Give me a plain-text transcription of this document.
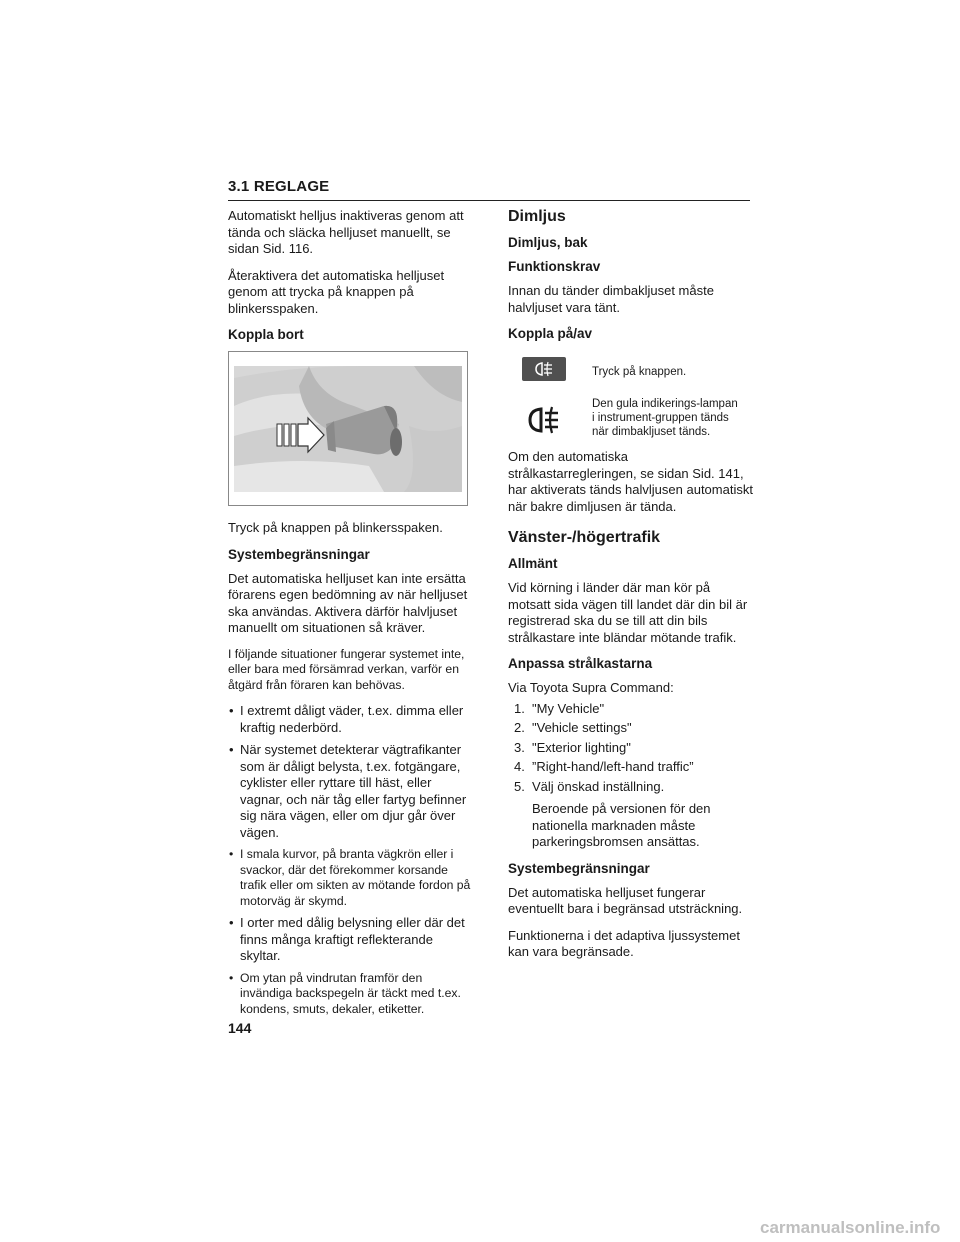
3.1 REGLAGE

Automatiskt helljus inaktiveras genom att tända och släcka helljuset manuellt, se sidan Sid. 116.

Återaktivera det automatiska helljuset genom att trycka på knappen på blinkersspaken.

Koppla bort

Tryck på knappen på blinkersspaken.

Systembegränsningar

Det automatiska helljuset kan inte ersätta förarens egen bedömning av när helljuset ska användas. Aktivera därför halvljuset manuellt om situationen så kräver.

I följande situationer fungerar systemet inte, eller bara med försämrad verkan, varför en åtgärd från föraren kan behövas.

• I extremt dåligt väder, t.ex. dimma eller kraftig nederbörd.
• När systemet detekterar vägtrafikanter som är dåligt belysta, t.ex. fotgängare, cyklister eller ryttare till häst, eller vagnar, och när tåg eller fartyg befinner sig nära vägen, eller om djur går över vägen.
• I smala kurvor, på branta vägkrön eller i svackor, där det förekommer korsande trafik eller om sikten av mötande fordon på motorväg är skymd.
• I orter med dålig belysning eller där det finns många kraftigt reflekterande skyltar.
• Om ytan på vindrutan framför den invändiga backspegeln är täckt med t.ex. kondens, smuts, dekaler, etiketter.
Dimljus
Dimljus, bak
Funktionskrav

Innan du tänder dimbakljuset måste halvljuset vara tänt.

Koppla på/av
Tryck på knappen.
Den gula indikerings-lampan i instrument-gruppen tänds när dimbakljuset tänds.

Om den automatiska strålkastarregleringen, se sidan Sid. 141, har aktiverats tänds halvljusen automatiskt när bakre dimljusen är tända.

Vänster-/högertrafik
Allmänt

Vid körning i länder där man kör på motsatt sida vägen till landet där din bil är registrerad ska du se till att din bils strålkastare inte bländar mötande trafik.

Anpassa strålkastarna

Via Toyota Supra Command:

1. "My Vehicle"
2. "Vehicle settings"
3. "Exterior lighting"
4. ”Right-hand/left-hand traffic”
5. Välj önskad inställning.

Beroende på versionen för den nationella marknaden måste parkeringsbromsen ansättas.

Systembegränsningar

Det automatiska helljuset fungerar eventuellt bara i begränsad utsträckning.

Funktionerna i det adaptiva ljussystemet kan vara begränsade.

144
carmanualsonline.info
